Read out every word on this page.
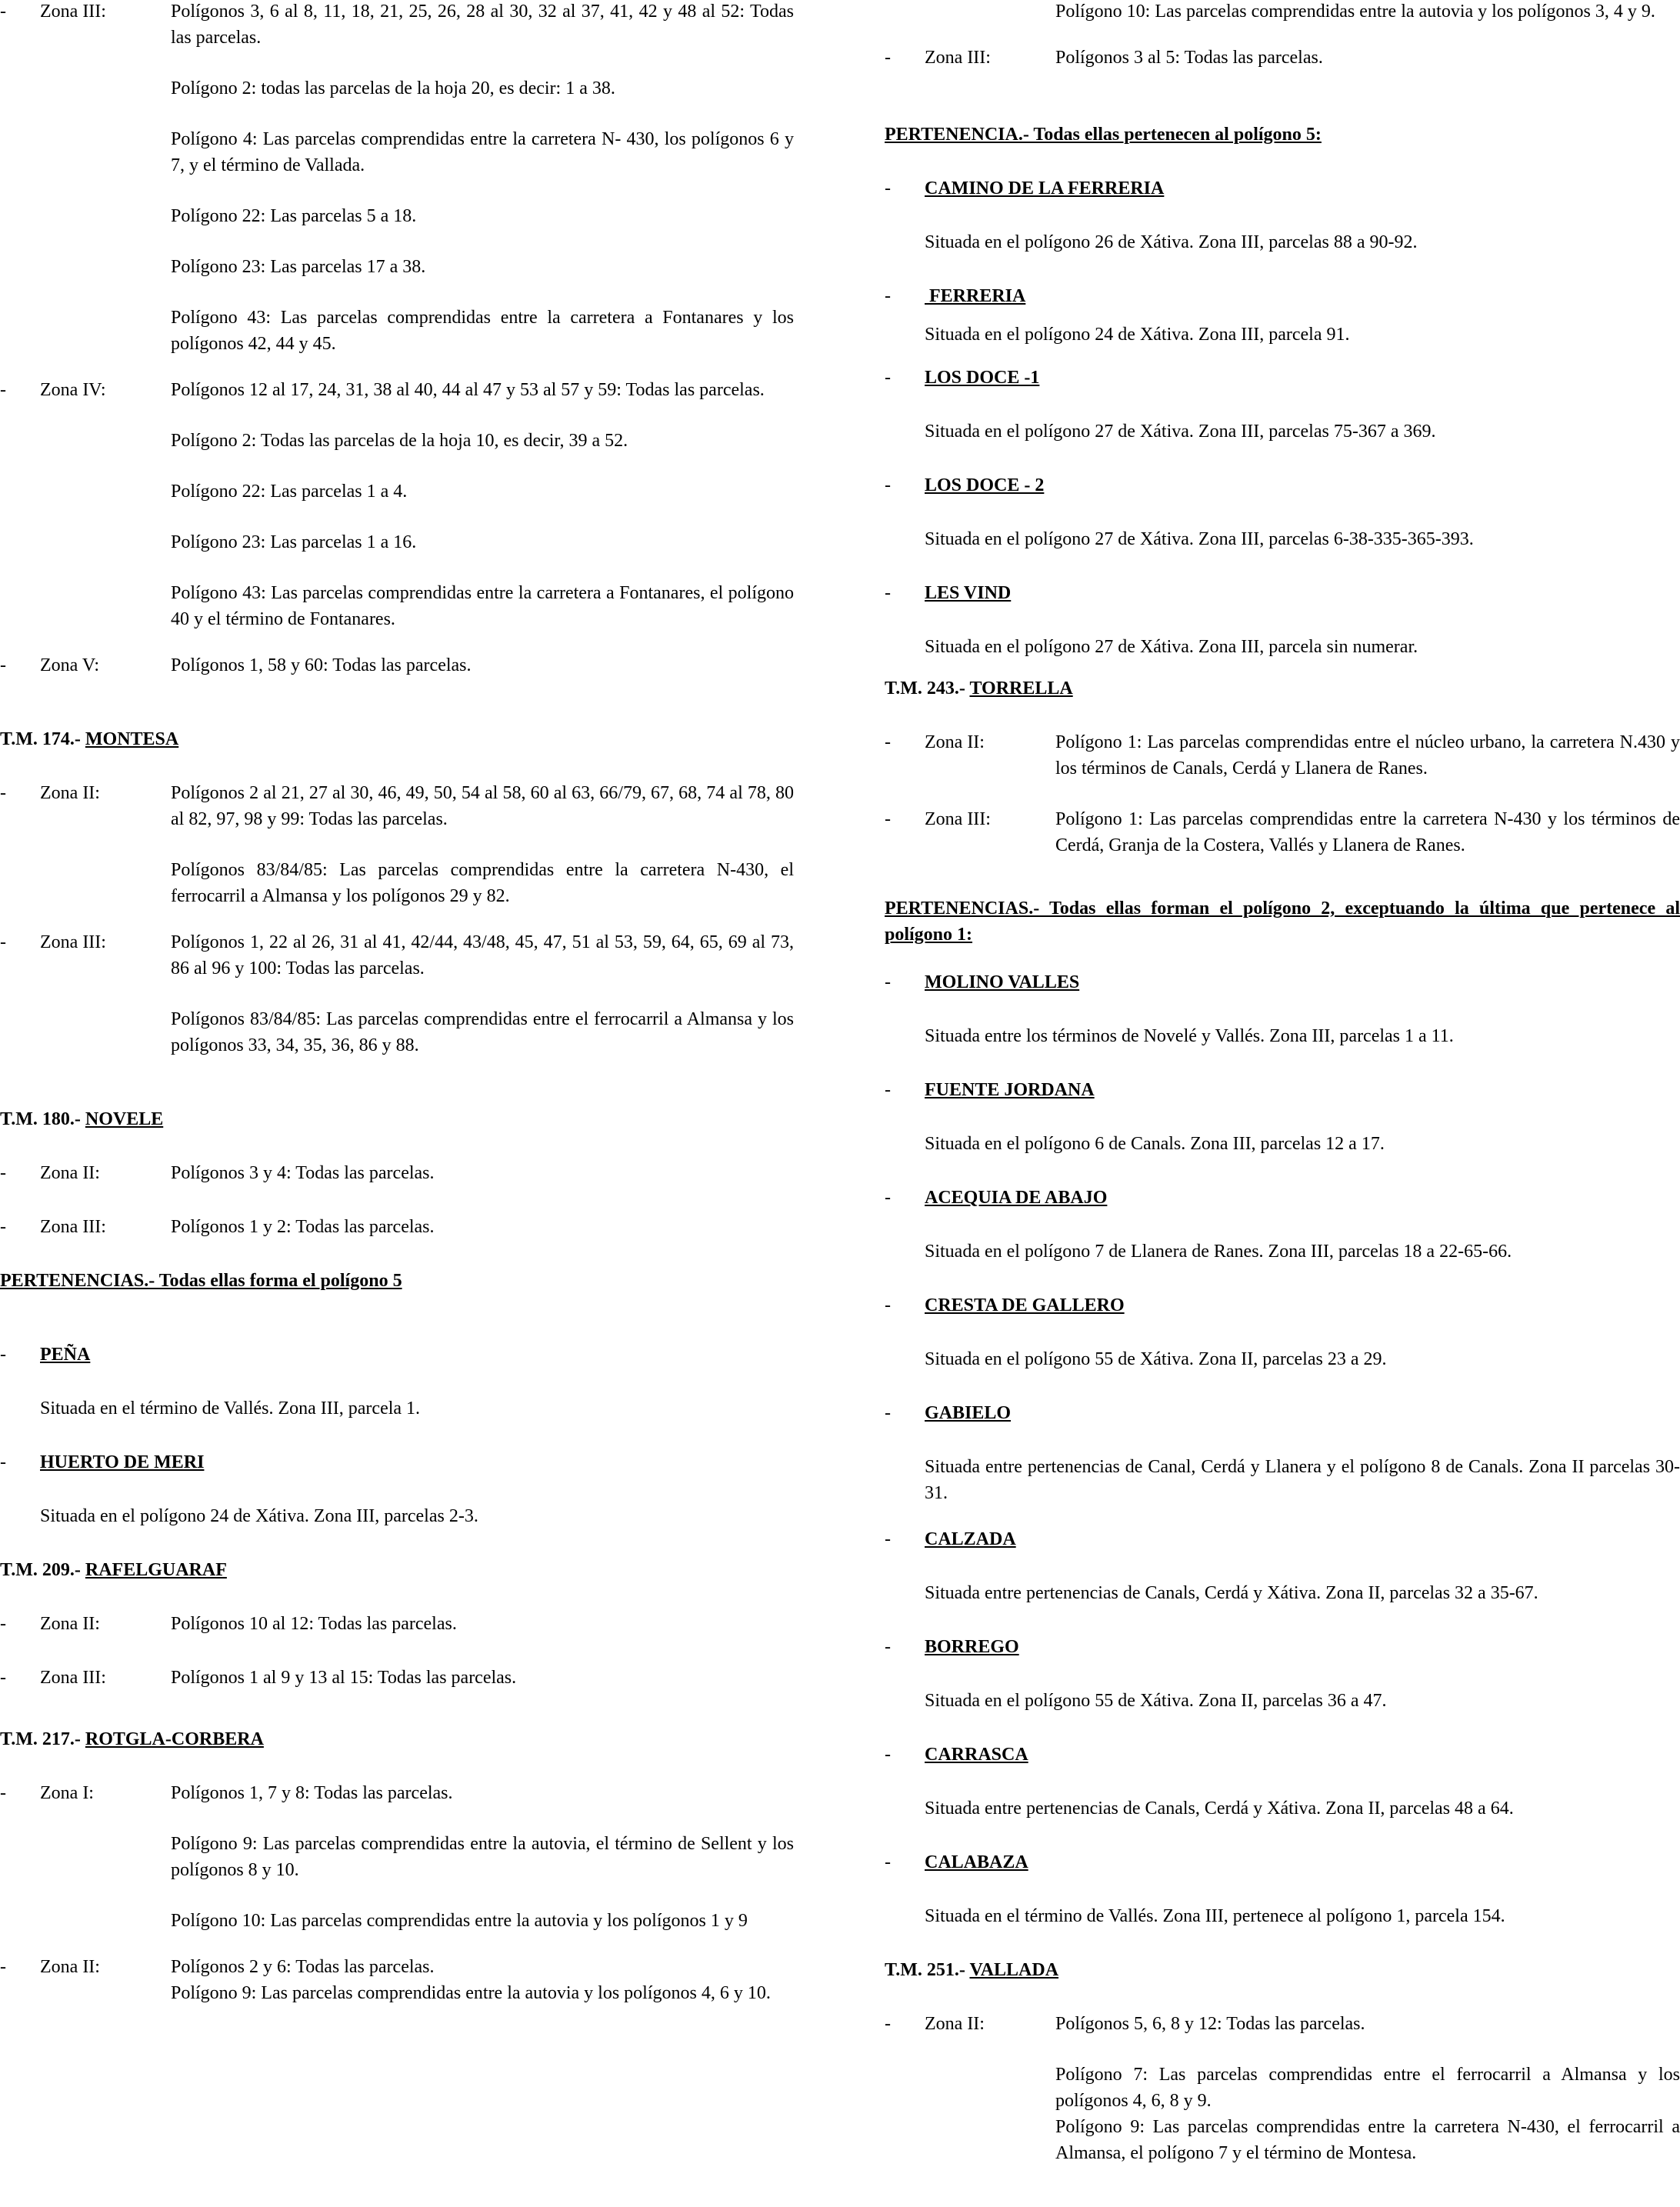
-	Zona III:	Polígonos 3, 6 al 8, 11, 18, 21, 25, 26, 28 al 30, 32 al 37, 41, 42 y 48 al 52: Todas las parcelas.
Polígono 2: todas las parcelas de la hoja 20, es decir: 1 a 38.
Polígono 4: Las parcelas comprendidas entre la carretera N- 430, los polígonos 6 y 7, y el término de Vallada.
Polígono 22: Las parcelas 5 a 18.
Polígono 23: Las parcelas 17 a 38.
Polígono 43: Las parcelas comprendidas entre la carretera a Fontanares y los polígonos 42, 44 y 45.
-	Zona IV:	Polígonos 12 al 17, 24, 31, 38 al 40, 44 al 47 y 53 al 57 y 59: Todas las parcelas.
Polígono 2: Todas las parcelas de la hoja 10, es decir, 39 a 52.
Polígono 22: Las parcelas 1 a 4.
Polígono 23: Las parcelas 1 a 16.
Polígono 43: Las parcelas comprendidas entre la carretera a Fontanares, el polígono 40 y el término de Fontanares.
-	Zona V:	Polígonos 1, 58 y 60: Todas las parcelas.
T.M. 174.- MONTESA
-	Zona II:	Polígonos 2 al 21, 27 al 30, 46, 49, 50, 54 al 58, 60 al 63, 66/79, 67, 68, 74 al 78, 80 al 82, 97, 98 y 99: Todas las parcelas.
Polígonos 83/84/85: Las parcelas comprendidas entre la carretera N-430, el ferrocarril a Almansa y los polígonos 29 y 82.
-	Zona III:	Polígonos 1, 22 al 26, 31 al 41, 42/44, 43/48, 45, 47, 51 al 53, 59, 64, 65, 69 al 73, 86 al 96 y 100: Todas las parcelas.
Polígonos 83/84/85: Las parcelas comprendidas entre el ferrocarril a Almansa y los polígonos 33, 34, 35, 36, 86 y 88.
T.M. 180.- NOVELE
-	Zona II:	Polígonos 3 y 4: Todas las parcelas.
-	Zona III:	Polígonos 1 y 2: Todas las parcelas.
PERTENENCIAS.- Todas ellas forma el polígono 5
-	PEÑA
Situada en el término de Vallés. Zona III, parcela 1.
-	HUERTO DE MERI
Situada en el polígono 24 de Xátiva. Zona III, parcelas 2-3.
T.M. 209.- RAFELGUARAF
-	Zona II:	Polígonos 10 al 12: Todas las parcelas.
-	Zona III:	Polígonos 1 al 9 y 13 al 15: Todas las parcelas.
T.M. 217.- ROTGLA-CORBERA
-	Zona I:	Polígonos 1, 7 y 8: Todas las parcelas.
Polígono 9: Las parcelas comprendidas entre la autovia, el término de Sellent y los polígonos 8 y 10.
Polígono 10: Las parcelas comprendidas entre la autovia y los polígonos 1 y 9
-	Zona II:	Polígonos 2 y 6: Todas las parcelas.
Polígono 9: Las parcelas comprendidas entre la autovia y los polígonos 4, 6 y 10.
Polígono 10: Las parcelas comprendidas entre la autovia y los polígonos 3, 4 y 9.
-	Zona III:	Polígonos 3 al 5: Todas las parcelas.
PERTENENCIA.- Todas ellas pertenecen al polígono 5:
-	CAMINO DE LA FERRERIA
Situada en el polígono 26 de Xátiva. Zona III, parcelas 88 a 90-92.
-	FERRERIA
Situada en el polígono 24 de Xátiva. Zona III, parcela 91.
-	LOS DOCE -1
Situada en el polígono 27 de Xátiva. Zona III, parcelas 75-367 a 369.
-	LOS DOCE - 2
Situada en el polígono 27 de Xátiva. Zona III, parcelas 6-38-335-365-393.
-	LES VIND
Situada en el polígono 27 de Xátiva. Zona III, parcela sin numerar.
T.M. 243.- TORRELLA
-	Zona II:	Polígono 1: Las parcelas comprendidas entre el núcleo urbano, la carretera N.430 y los términos de Canals, Cerdá y Llanera de Ranes.
-	Zona III:	Polígono 1: Las parcelas comprendidas entre la carretera N-430 y los términos de Cerdá, Granja de la Costera, Vallés y Llanera de Ranes.
PERTENENCIAS.- Todas ellas forman el polígono 2, exceptuando la última que pertenece al polígono 1:
-	MOLINO VALLES
Situada entre los términos de Novelé y Vallés. Zona III, parcelas 1 a 11.
-	FUENTE JORDANA
Situada en el polígono 6 de Canals. Zona III, parcelas 12 a 17.
-	ACEQUIA DE ABAJO
Situada en el polígono 7 de Llanera de Ranes. Zona III, parcelas 18 a 22-65-66.
-	CRESTA DE GALLERO
Situada en el polígono 55 de Xátiva. Zona II, parcelas 23 a 29.
-	GABIELO
Situada entre pertenencias de Canal, Cerdá y Llanera y el polígono 8 de Canals. Zona II parcelas 30-31.
-	CALZADA
Situada entre pertenencias de Canals, Cerdá y Xátiva. Zona II, parcelas 32 a 35-67.
-	BORREGO
Situada en el polígono 55 de Xátiva. Zona II, parcelas 36 a 47.
-	CARRASCA
Situada entre pertenencias de Canals, Cerdá y Xátiva. Zona II, parcelas 48 a 64.
-	CALABAZA
Situada en el término de Vallés. Zona III, pertenece al polígono 1, parcela 154.
T.M. 251.- VALLADA
-	Zona II:	Polígonos 5, 6, 8 y 12: Todas las parcelas.
Polígono 7: Las parcelas comprendidas entre el ferrocarril a Almansa y los polígonos 4, 6, 8 y 9.
Polígono 9: Las parcelas comprendidas entre la carretera N-430, el ferrocarril a Almansa, el polígono 7 y el término de Montesa.
